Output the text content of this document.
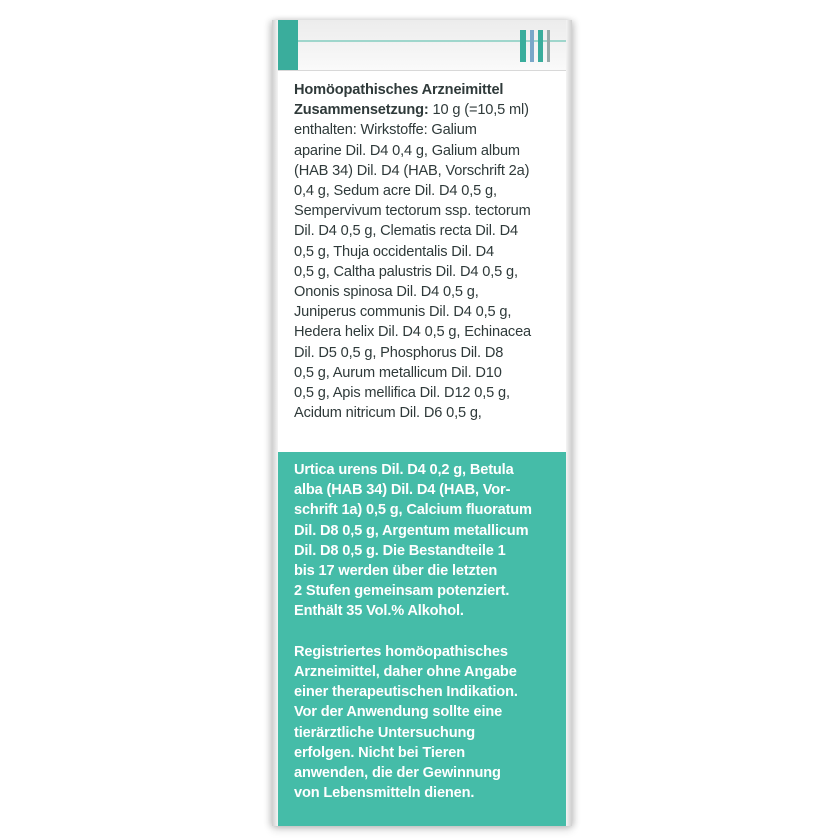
Homöopathisches Arzneimittel
Zusammensetzung: 10 g (=10,5 ml)
enthalten: Wirkstoffe: Galium
aparine Dil. D4 0,4 g, Galium album
(HAB 34) Dil. D4 (HAB, Vorschrift 2a)
0,4 g, Sedum acre Dil. D4 0,5 g,
Sempervivum tectorum ssp. tectorum
Dil. D4 0,5 g, Clematis recta Dil. D4
0,5 g, Thuja occidentalis Dil. D4
0,5 g, Caltha palustris Dil. D4 0,5 g,
Ononis spinosa Dil. D4 0,5 g,
Juniperus communis Dil. D4 0,5 g,
Hedera helix Dil. D4 0,5 g, Echinacea
Dil. D5 0,5 g, Phosphorus Dil. D8
0,5 g, Aurum metallicum Dil. D10
0,5 g, Apis mellifica Dil. D12 0,5 g,
Acidum nitricum Dil. D6 0,5 g,
Urtica urens Dil. D4 0,2 g, Betula
alba (HAB 34) Dil. D4 (HAB, Vor-
schrift 1a) 0,5 g, Calcium fluoratum
Dil. D8 0,5 g, Argentum metallicum
Dil. D8 0,5 g. Die Bestandteile 1
bis 17 werden über die letzten
2 Stufen gemeinsam potenziert.
Enthält 35 Vol.% Alkohol.
Registriertes homöopathisches
Arzneimittel, daher ohne Angabe
einer therapeutischen Indikation.
Vor der Anwendung sollte eine
tierärztliche Untersuchung
erfolgen. Nicht bei Tieren
anwenden, die der Gewinnung
von Lebensmitteln dienen.
